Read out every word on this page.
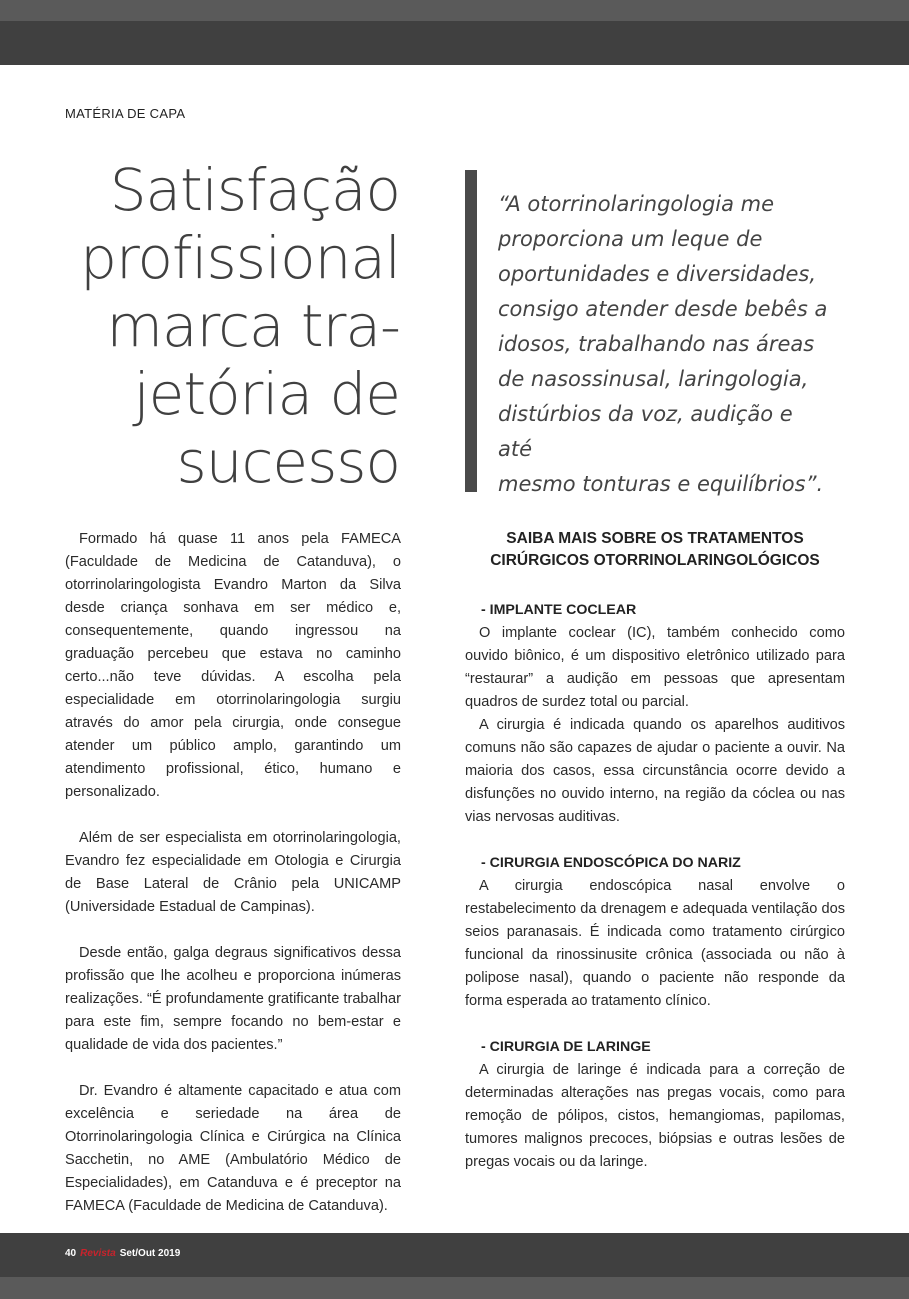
MATÉRIA DE CAPA
Satisfação
profissional
marca tra-
jetória de
sucesso

“A otorrinolaringologia me
proporciona um leque de
oportunidades e diversidades,
consigo atender desde bebês a
idosos, trabalhando nas áreas
de nasossinusal, laringologia,
distúrbios da voz, audição e até
mesmo tonturas e equilíbrios”.

Formado há quase 11 anos pela FAMECA (Faculdade de Medicina de Catanduva), o otorrinolaringologista Evandro Marton da Silva desde criança sonhava em ser médico e, consequentemente, quando ingressou na graduação percebeu que estava no caminho certo...não teve dúvidas. A escolha pela especialidade em otorrinolaringologia surgiu através do amor pela cirurgia, onde consegue atender um público amplo, garantindo um atendimento profissional, ético, humano e personalizado.

Além de ser especialista em otorrinolaringologia, Evandro fez especialidade em Otologia e Cirurgia de Base Lateral de Crânio pela UNICAMP (Universidade Estadual de Campinas).

Desde então, galga degraus significativos dessa profissão que lhe acolheu e proporciona inúmeras realizações. “É profundamente gratificante trabalhar para este fim, sempre focando no bem-estar e qualidade de vida dos pacientes.”

Dr. Evandro é altamente capacitado e atua com excelência e seriedade na área de Otorrinolaringologia Clínica e Cirúrgica na Clínica Sacchetin, no AME (Ambulatório Médico de Especialidades), em Catanduva e é preceptor na FAMECA (Faculdade de Medicina de Catanduva).

SAIBA MAIS SOBRE OS TRATAMENTOS
CIRÚRGICOS OTORRINOLARINGOLÓGICOS
- IMPLANTE COCLEAR

O implante coclear (IC), também conhecido como ouvido biônico, é um dispositivo eletrônico utilizado para “restaurar” a audição em pessoas que apresentam quadros de surdez total ou parcial.

A cirurgia é indicada quando os aparelhos auditivos comuns não são capazes de ajudar o paciente a ouvir. Na maioria dos casos, essa circunstância ocorre devido a disfunções no ouvido interno, na região da cóclea ou nas vias nervosas auditivas.

- CIRURGIA ENDOSCÓPICA DO NARIZ

A cirurgia endoscópica nasal envolve o restabelecimento da drenagem e adequada ventilação dos seios paranasais. É indicada como tratamento cirúrgico funcional da rinossinusite crônica (associada ou não à polipose nasal), quando o paciente não responde da forma esperada ao tratamento clínico.

- CIRURGIA DE LARINGE

A cirurgia de laringe é indicada para a correção de determinadas alterações nas pregas vocais, como para remoção de pólipos, cistos, hemangiomas, papilomas, tumores malignos precoces, biópsias e outras lesões de pregas vocais ou da laringe.

40 Revista Set/Out 2019
